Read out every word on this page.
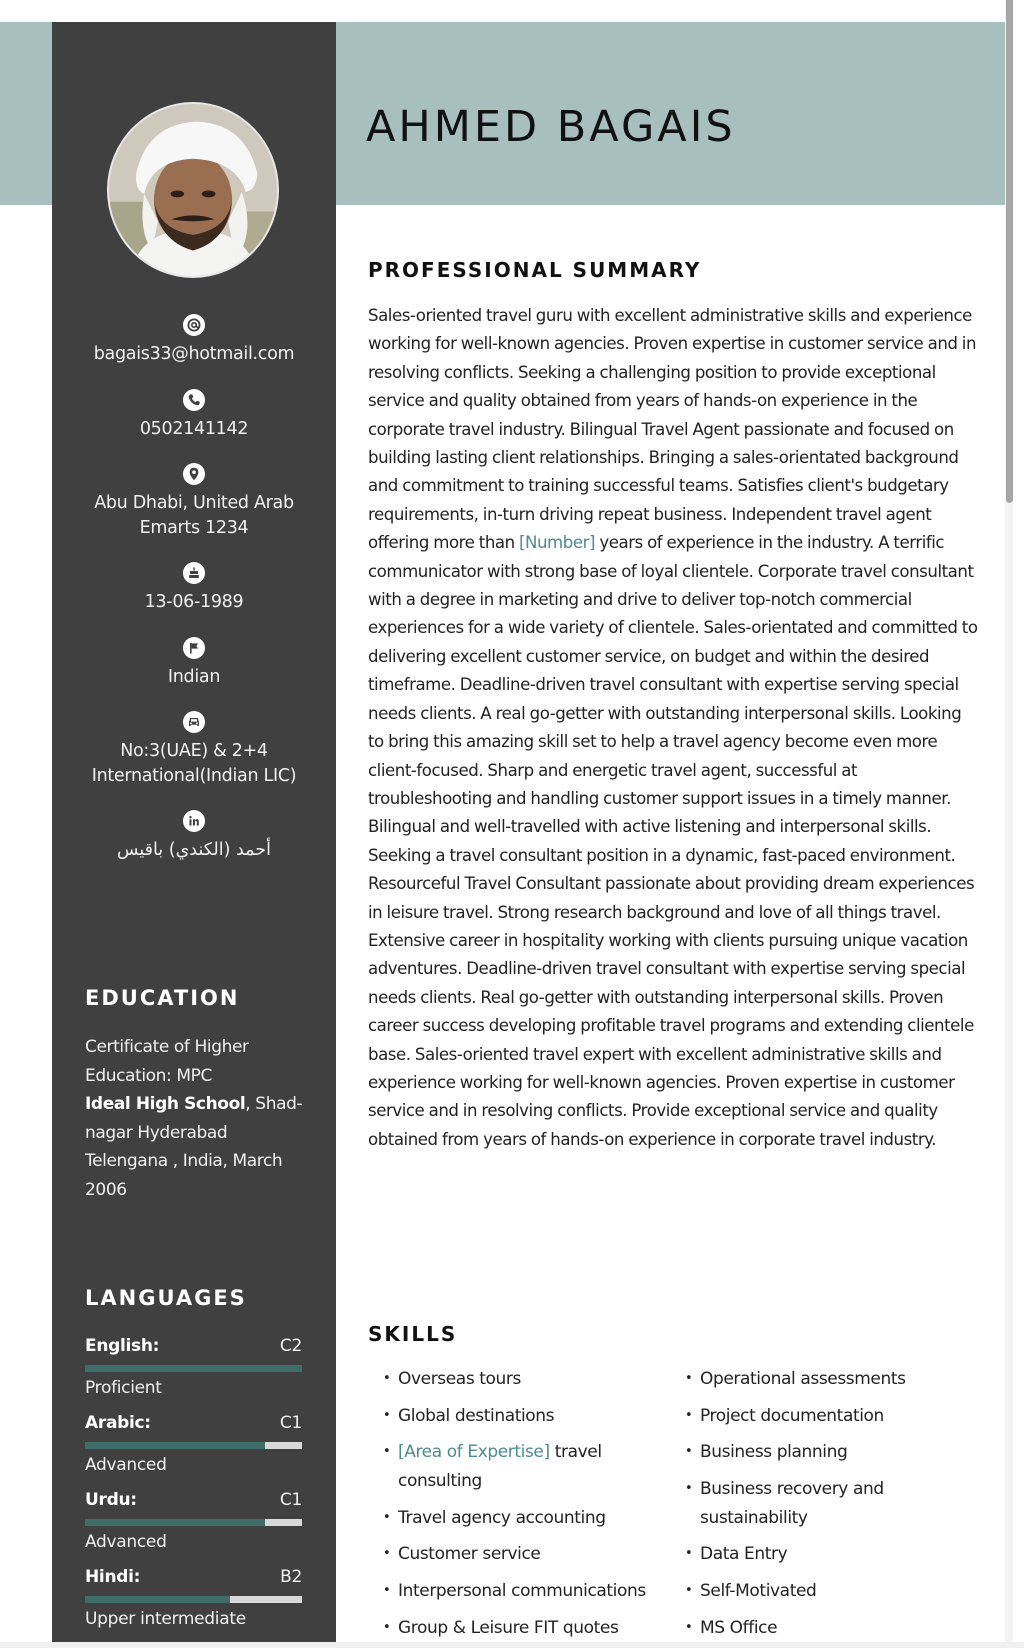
bagais33@hotmail.com
0502141142
Abu Dhabi, United Arab Emarts 1234
13-06-1989
Indian
No:3(UAE) & 2+4 International(Indian LIC)
أحمد (الكندي) باقيس
EDUCATION
Certificate of Higher Education: MPC
Ideal High School, Shad-nagar Hyderabad Telengana , India, March 2006
LANGUAGES
English:	C2
Proficient
Arabic:	C1
Advanced
Urdu:	C1
Advanced
Hindi:	B2
Upper intermediate
AHMED BAGAIS
PROFESSIONAL SUMMARY

Sales-oriented travel guru with excellent administrative skills and experience working for well-known agencies. Proven expertise in customer service and in resolving conflicts. Seeking a challenging position to provide exceptional service and quality obtained from years of hands-on experience in the corporate travel industry. Bilingual Travel Agent passionate and focused on building lasting client relationships. Bringing a sales-orientated background and commitment to training successful teams. Satisfies client's budgetary requirements, in-turn driving repeat business. Independent travel agent offering more than [Number] years of experience in the industry. A terrific communicator with strong base of loyal clientele. Corporate travel consultant with a degree in marketing and drive to deliver top-notch commercial experiences for a wide variety of clientele. Sales-orientated and committed to delivering excellent customer service, on budget and within the desired timeframe. Deadline-driven travel consultant with expertise serving special needs clients. A real go-getter with outstanding interpersonal skills. Looking to bring this amazing skill set to help a travel agency become even more client-focused. Sharp and energetic travel agent, successful at troubleshooting and handling customer support issues in a timely manner. Bilingual and well-travelled with active listening and interpersonal skills. Seeking a travel consultant position in a dynamic, fast-paced environment. Resourceful Travel Consultant passionate about providing dream experiences in leisure travel. Strong research background and love of all things travel. Extensive career in hospitality working with clients pursuing unique vacation adventures. Deadline-driven travel consultant with expertise serving special needs clients. Real go-getter with outstanding interpersonal skills. Proven career success developing profitable travel programs and extending clientele base. Sales-oriented travel expert with excellent administrative skills and experience working for well-known agencies. Proven expertise in customer service and in resolving conflicts. Provide exceptional service and quality obtained from years of hands-on experience in corporate travel industry.

SKILLS
• Overseas tours
• Global destinations
• [Area of Expertise] travel consulting
• Travel agency accounting
• Customer service
• Interpersonal communications
• Group & Leisure FIT quotes
• Operational assessments
• Project documentation
• Business planning
• Business recovery and sustainability
• Data Entry
• Self-Motivated
• MS Office
